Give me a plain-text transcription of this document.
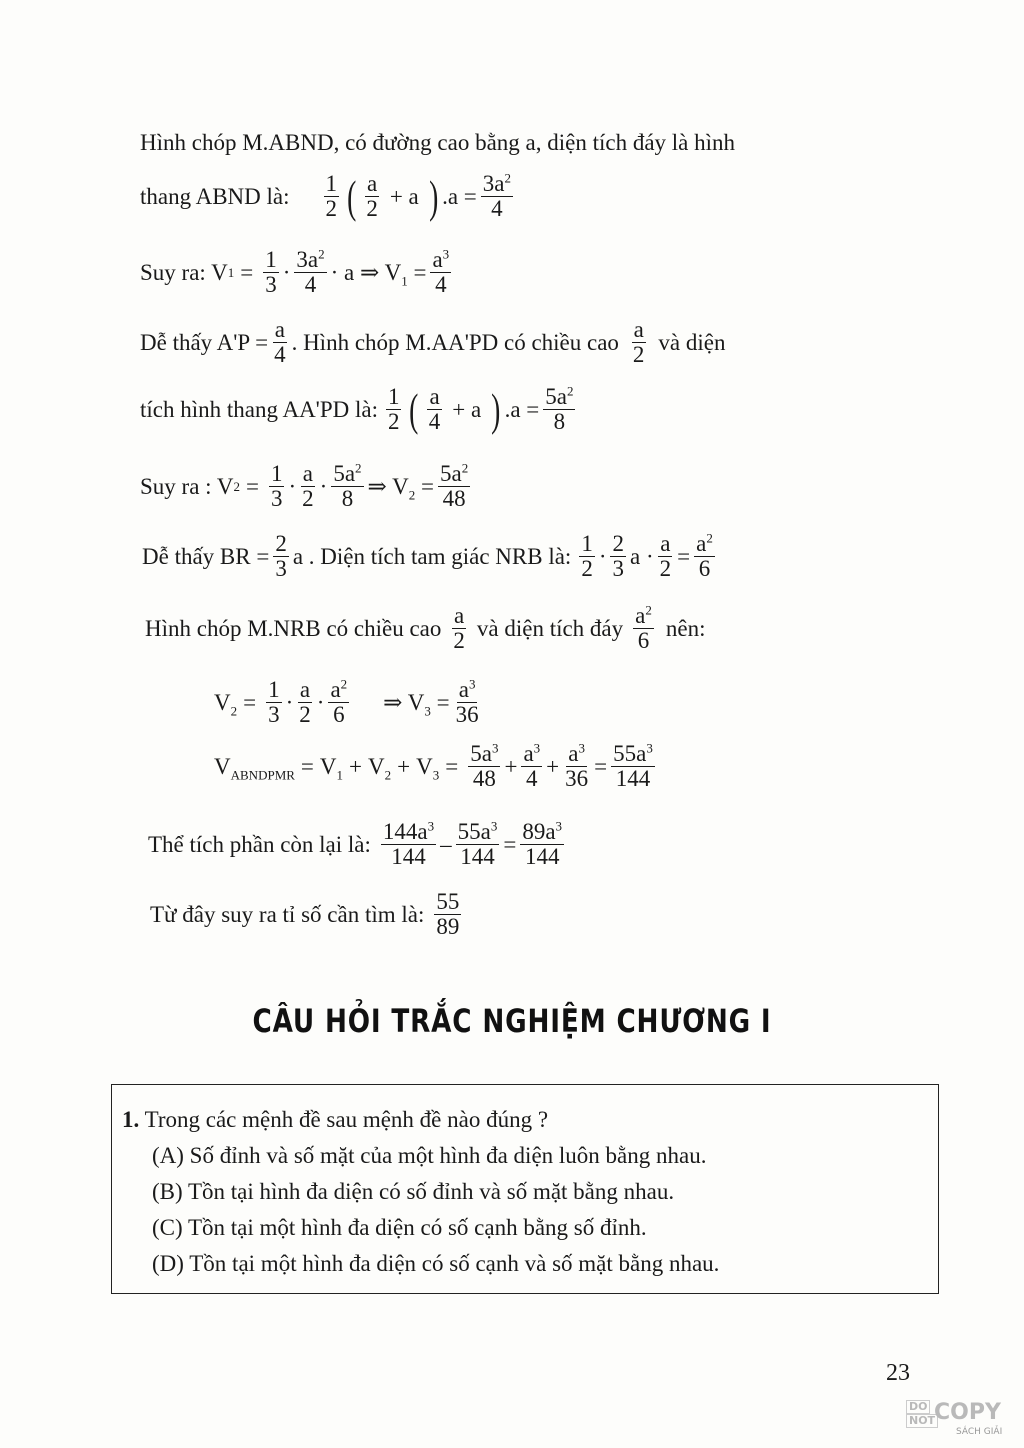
Hình chóp M.ABND, có đường cao bằng a, diện tích đáy là hình
thang ABND là: $\frac{1}{2}$ ( $\frac{a}{2} + a$ ) $.a = \frac{3a^2}{4}$
Suy ra: V $1 = \frac{1}{3} \cdot \frac{3a^2}{4} \cdot a$ ⇒ $V_1 = \frac{a^3}{4}$
Dễ thấy $A'P = \frac{a}{4}$ . Hình chóp M.AA'PD có chiều cao $\frac{a}{2}$ và diện
tích hình thang AA'PD là: $\frac{1}{2}$ ( $\frac{a}{4} + a$ ) $.a = \frac{5a^2}{8}$
Suy ra : V $2 = \frac{1}{3} \cdot \frac{a}{2} \cdot \frac{5a^2}{8}$ ⇒ $V_2 = \frac{5a^2}{48}$
Dễ thấy BR = $\frac{2}{3}$ a . Diện tích tam giác NRB là: $\frac{1}{2} \cdot \frac{2}{3}$ $a \cdot \frac{a}{2} = \frac{a^2}{6}$
Hình chóp M.NRB có chiều cao $\frac{a}{2}$ và diện tích đáy $\frac{a^2}{6}$ nên:
$V_2 = \frac{1}{3} \cdot \frac{a}{2} \cdot \frac{a^2}{6}$ ⇒ $V_3 = \frac{a^3}{36}$
$V_{ABNDPMR} = V_1 + V_2 + V_3 = \frac{5a^3}{48} + \frac{a^3}{4} + \frac{a^3}{36} = \frac{55a^3}{144}$
Thể tích phần còn lại là: $\frac{144a^3}{144} - \frac{55a^3}{144} = \frac{89a^3}{144}$
Từ đây suy ra tỉ số cần tìm là: $\frac{55}{89}$
CÂU HỎI TRẮC NGHIỆM CHƯƠNG I
1. Trong các mệnh đề sau mệnh đề nào đúng ?
(A) Số đỉnh và số mặt của một hình đa diện luôn bằng nhau.
(B) Tồn tại hình đa diện có số đỉnh và số mặt bằng nhau.
(C) Tồn tại một hình đa diện có số cạnh bằng số đỉnh.
(D) Tồn tại một hình đa diện có số cạnh và số mặt bằng nhau.
23
DO
NOT
COPY
SÁCH GIẢI
